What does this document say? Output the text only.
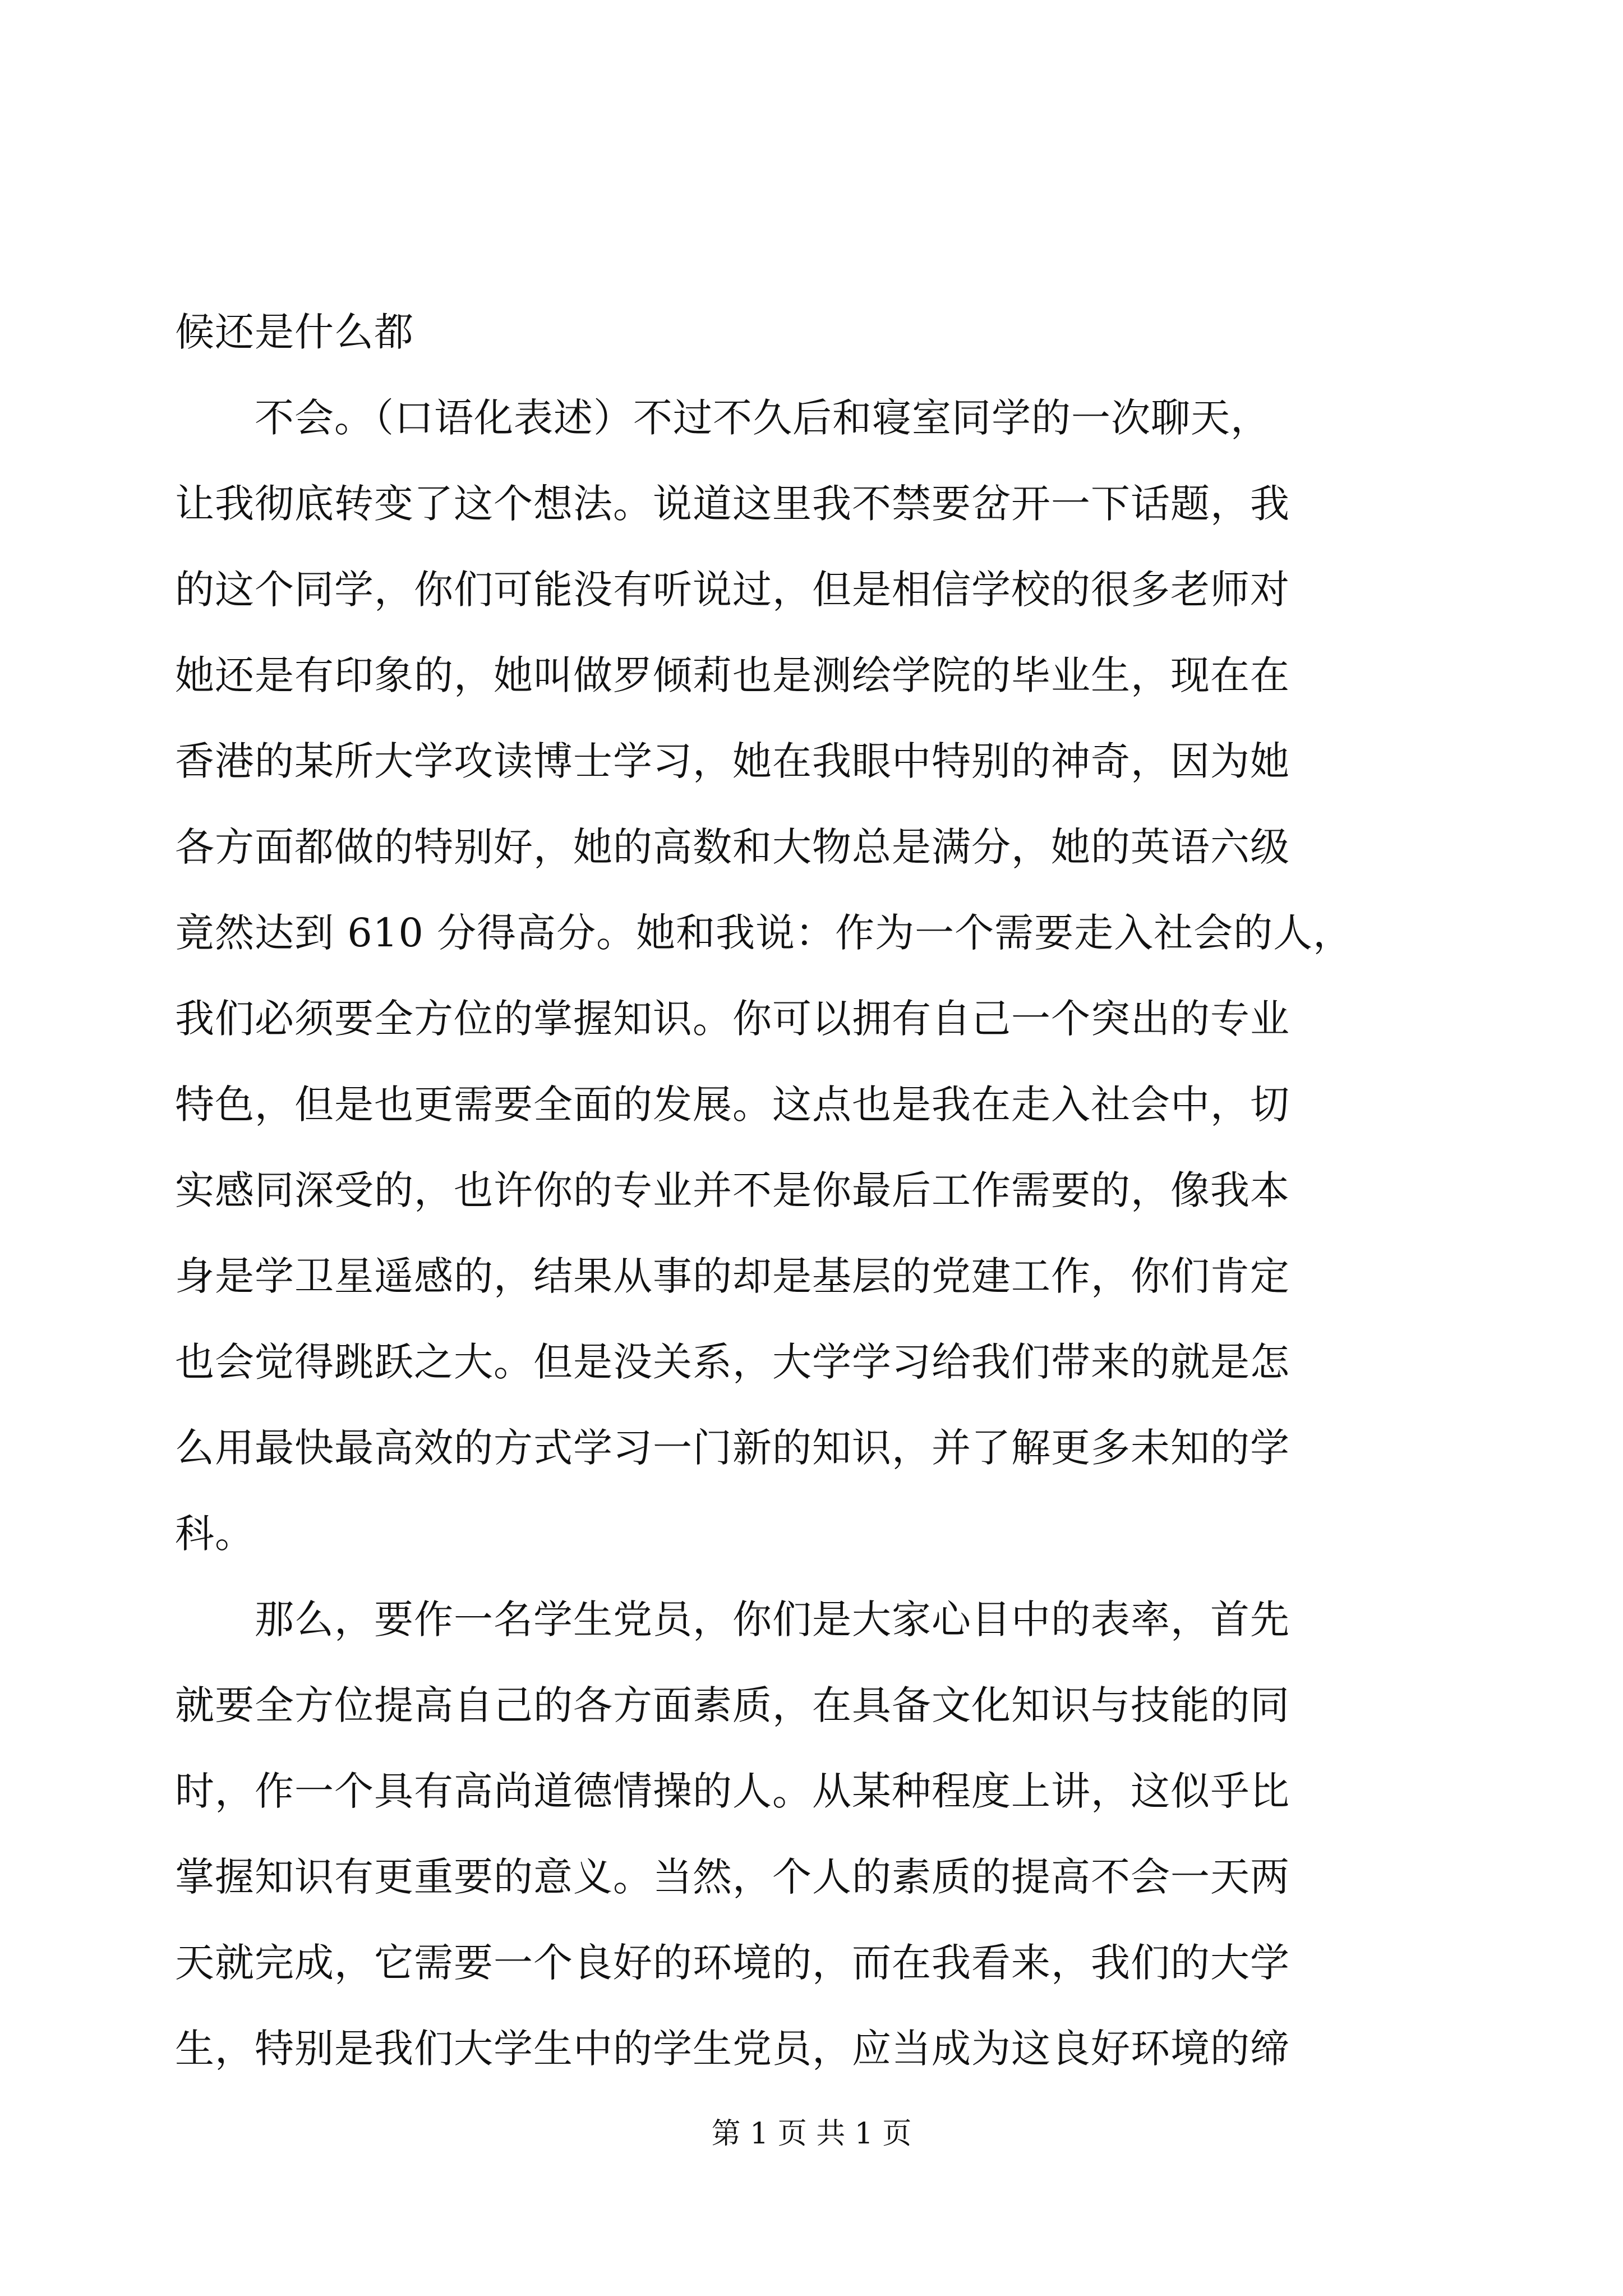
候还是什么都
　　不会。（口语化表述）不过不久后和寝室同学的一次聊天，
让我彻底转变了这个想法。说道这里我不禁要岔开一下话题，我
的这个同学，你们可能没有听说过，但是相信学校的很多老师对
她还是有印象的，她叫做罗倾莉也是测绘学院的毕业生，现在在
香港的某所大学攻读博士学习，她在我眼中特别的神奇，因为她
各方面都做的特别好，她的高数和大物总是满分，她的英语六级
竟然达到 610 分得高分。她和我说：作为一个需要走入社会的人，
我们必须要全方位的掌握知识。你可以拥有自己一个突出的专业
特色，但是也更需要全面的发展。这点也是我在走入社会中，切
实感同深受的，也许你的专业并不是你最后工作需要的，像我本
身是学卫星遥感的，结果从事的却是基层的党建工作，你们肯定
也会觉得跳跃之大。但是没关系，大学学习给我们带来的就是怎
么用最快最高效的方式学习一门新的知识，并了解更多未知的学
科。
　　那么，要作一名学生党员，你们是大家心目中的表率，首先
就要全方位提高自己的各方面素质，在具备文化知识与技能的同
时，作一个具有高尚道德情操的人。从某种程度上讲，这似乎比
掌握知识有更重要的意义。当然，个人的素质的提高不会一天两
天就完成，它需要一个良好的环境的，而在我看来，我们的大学
生，特别是我们大学生中的学生党员，应当成为这良好环境的缔
第 1 页 共 1 页
